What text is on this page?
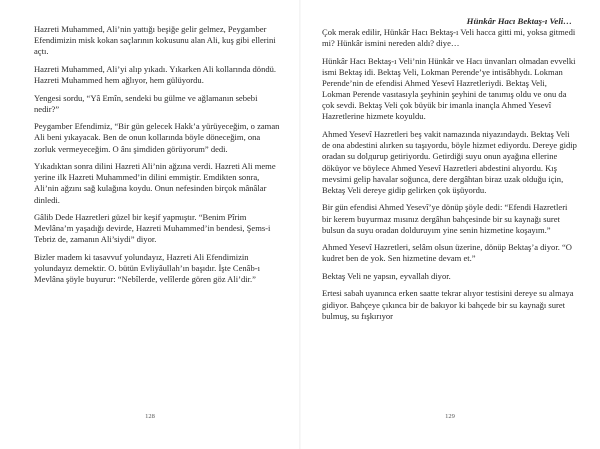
Hazreti Muhammed, Ali’nin yattığı beşiğe gelir gelmez, Peygamber Efendimizin misk kokan saçlarının kokusunu alan Ali, kuş gibi ellerini açtı.

Hazreti Muhammed, Ali’yi alıp yıkadı. Yıkarken Ali kollarında döndü. Hazreti Muhammed hem ağlıyor, hem gülüyordu.

Yengesi sordu, “Yâ Emîn, sendeki bu gülme ve ağlamanın sebebi nedir?”

Peygamber Efendimiz, “Bir gün gelecek Hakk’a yürüyeceğim, o zaman Ali beni yıkayacak. Ben de onun kollarında böyle döneceğim, ona zorluk vermeyeceğim. O ânı şimdiden görüyorum” dedi.

Yıkadıktan sonra dilini Hazreti Ali’nin ağzına verdi. Hazreti Ali meme yerine ilk Hazreti Muhammed’in dilini emmiştir. Emdikten sonra, Ali’nin ağzını sağ kulağına koydu. Onun nefesinden birçok mânâlar dinledi.

Gâlib Dede Hazretleri güzel bir keşif yapmıştır. “Benim Pîrim Mevlâna’m yaşadığı devirde, Hazreti Muhammed’in bendesi, Şems-i Tebriz de, zamanın Ali’siydi” diyor.

Bizler madem ki tasavvuf yolundayız, Hazreti Ali Efendimizin yolundayız demektir. O. bütün Evliyâullah’ın başıdır. İşte Cenâb-ı Mevlâna şöyle buyurur: “Nebîlerde, velîlerde gören göz Ali’dir.”

128
Hünkâr Hacı Bektaş-ı Veli…

Çok merak edilir, Hünkâr Hacı Bektaş-ı Veli hacca gitti mi, yoksa gitmedi mi? Hünkâr ismini nereden aldı? diye…

Hünkâr Hacı Bektaş-ı Veli’nin Hünkâr ve Hacı ünvanları olmadan evvelki ismi Bektaş idi. Bektaş Veli, Lokman Perende’ye intisâbhydı. Lokman Perende’nin de efendisi Ahmed Yesevî Hazretleriydi. Bektaş Veli, Lokman Perende vasıtasıyla şeyhinin şeyhini de tanımış oldu ve onu da çok sevdi. Bektaş Veli çok büyük bir imanla inançla Ahmed Yesevî Hazretlerine hizmete koyuldu.

Ahmed Yesevî Hazretleri beş vakit namazında niyazındaydı. Bektaş Veli de ona abdestini alırken su taşıyordu, böyle hizmet ediyordu. Dereye gidip oradan su dolдurup getiriyordu. Getirdiği suyu onun ayağına ellerine döküyor ve böylece Ahmed Yesevî Hazretleri abdestini alıyordu. Kış mevsimi gelip havalar soğunca, dere dergâhtan biraz uzak olduğu için, Bektaş Veli dereye gidip gelirken çok üşüyordu.

Bir gün efendisi Ahmed Yesevî’ye dönüp şöyle dedi: “Efendi Hazretleri bir kerem buyurmaz mısınız dergâhın bahçesinde bir su kaynağı suret bulsun da suyu oradan dolduruyım yine senin hizmetine koşayım.”

Ahmed Yesevî Hazretleri, selâm olsun üzerine, dönüp Bektaş’a diyor. “O kudret ben de yok. Sen hizmetine devam et.”

Bektaş Veli ne yapsın, eyvallah diyor.

Ertesi sabah uyanınca erken saatte tekrar alıyor testisini dereye su almaya gidiyor. Bahçeye çıkınca bir de bakıyor ki bahçede bir su kaynağı suret bulmuş, su fışkırıyor

129
